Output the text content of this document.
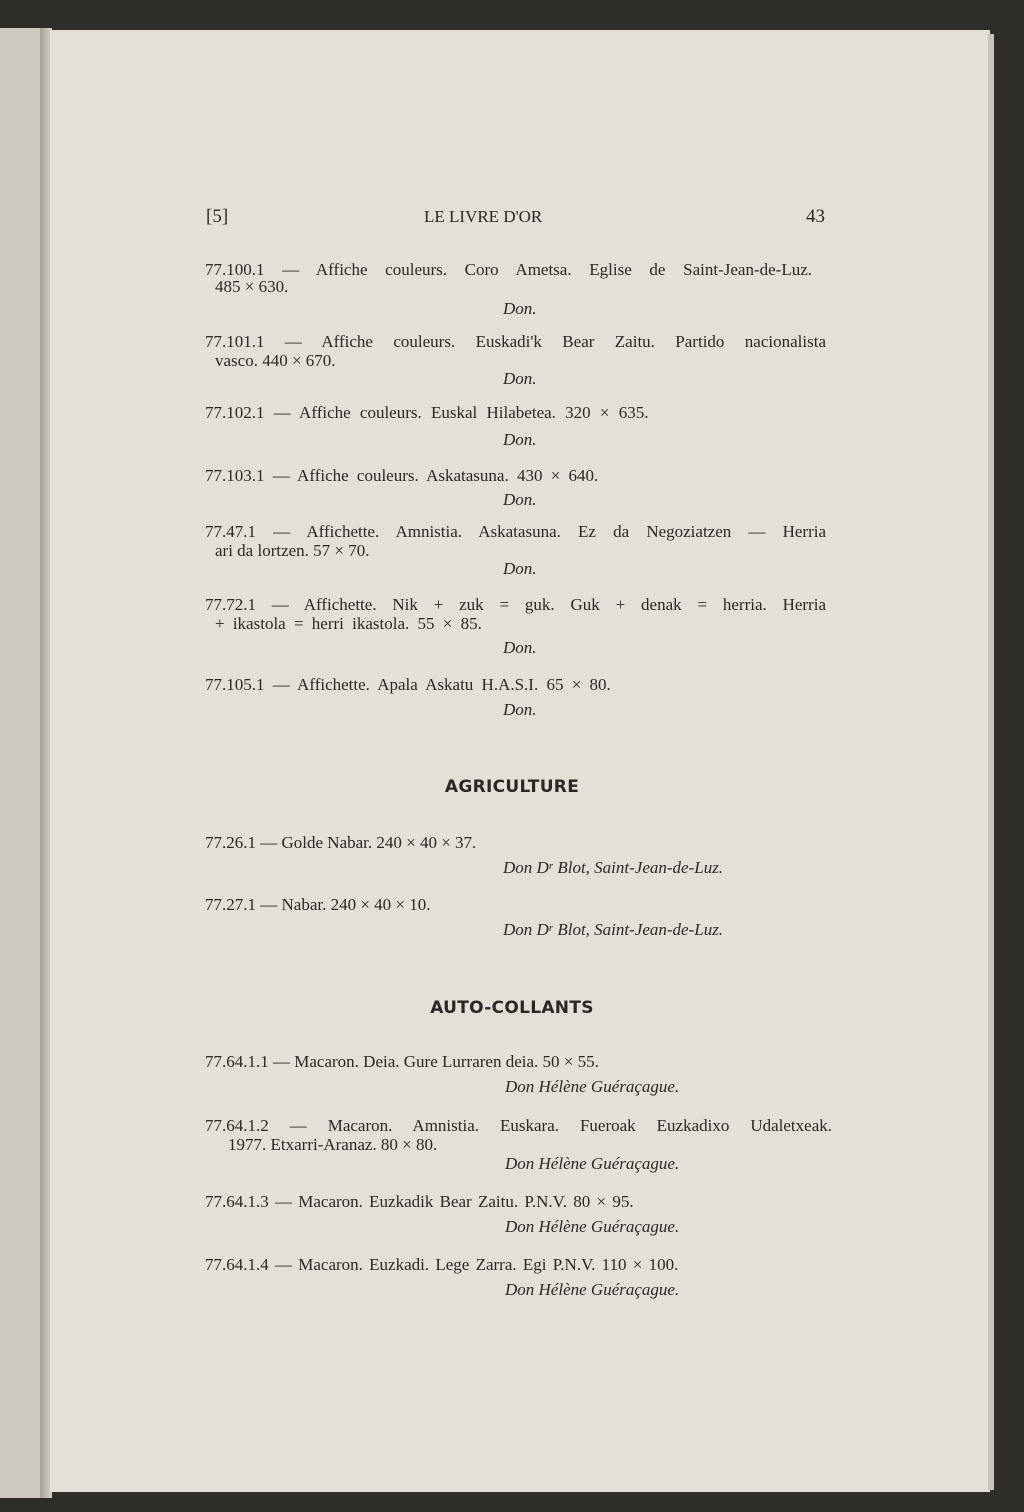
[5]	LE LIVRE D'OR	43
77.100.1 — Affiche couleurs. Coro Ametsa. Eglise de Saint-Jean-de-Luz.
485 × 630.
Don.
77.101.1 — Affiche couleurs. Euskadi'k Bear Zaitu. Partido nacionalista
vasco. 440 × 670.
Don.
77.102.1 — Affiche couleurs. Euskal Hilabetea. 320 × 635.
Don.
77.103.1 — Affiche couleurs. Askatasuna. 430 × 640.
Don.
77.47.1 — Affichette. Amnistia. Askatasuna. Ez da Negoziatzen — Herria
ari da lortzen. 57 × 70.
Don.
77.72.1 — Affichette. Nik + zuk = guk. Guk + denak = herria. Herria
+ ikastola = herri ikastola. 55 × 85.
Don.
77.105.1 — Affichette. Apala Askatu H.A.S.I. 65 × 80.
Don.
AGRICULTURE
77.26.1 — Golde Nabar. 240 × 40 × 37.
Don $D^r$ Blot, Saint-Jean-de-Luz.
77.27.1 — Nabar. 240 × 40 × 10.
Don $D^r$ Blot, Saint-Jean-de-Luz.
AUTO-COLLANTS
77.64.1.1 — Macaron. Deia. Gure Lurraren deia. 50 × 55.
Don Hélène Guéraçague.
77.64.1.2 — Macaron. Amnistia. Euskara. Fueroak Euzkadixo Udaletxeak.
1977. Etxarri-Aranaz. 80 × 80.
Don Hélène Guéraçague.
77.64.1.3 — Macaron. Euzkadik Bear Zaitu. P.N.V. 80 × 95.
Don Hélène Guéraçague.
77.64.1.4 — Macaron. Euzkadi. Lege Zarra. Egi P.N.V. 110 × 100.
Don Hélène Guéraçague.
